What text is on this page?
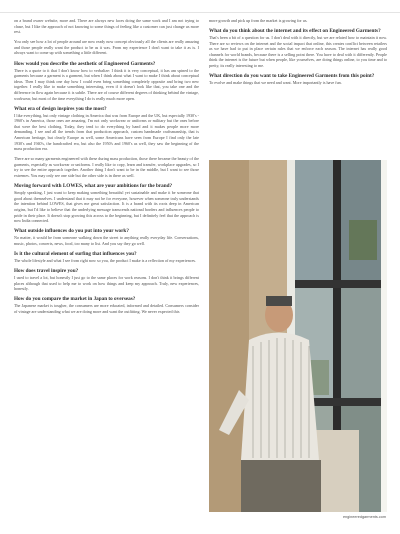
on a brand owner website, more and. There are always new faces doing the same work and I am not trying to chase, but I like the approach of not knowing to some things of feeling like a customer can just change us more rest.

You only see how a lot of people around are now ready now concept obviously all the clients are really amazing and those people really want the product to be as it was. From my experience I don't want to take it as is. I always want to come up with something a little different.

How would you describe the aesthetic of Engineered Garments?

There is a quote to it that I don't know how to verbalize: I think it is very conceptual, it has am spined to the garments because a garment is a garment, but when I think about what I want to make I think about conceptual ideas. Then I may think one day how I could even bring something completely opposite and bring two new together. I really like to make something interesting, even if it doesn't look like that, you take one and the difference in flow again because it is subtle. There are of course different degrees of thinking behind the vintage, workwear, but most of the time everything I do is really much more open.

What era of design inspires you the most?

I like everything, but only vintage clothing in America that was from Europe and the UK, but especially 1930's - 1960's in America, those ones are amazing. I'm not only workwear or uniforms or military but the ones before that were the best clothing. Today, they tend to do everything by hand and it makes people more more demanding. I see and all the trends from that production approach, custom handmade craftsmanship, that is American heritage, but clearly Europe as well, some Americans have seen from Europe I find only the late 1930's and 1940's, the handcrafted era, but also the 1950's and 1960's as well, they saw the beginning of the mass production era.

There are so many garments engineered with these during mass production, those there became the beauty of the garments, especially as workwear or uniforms. I really like to copy, learn and transfer, workplace upgrades, so I try to see the entire approach together. Another thing I don't want to be in the middle, but I want to see those extremes. You may only see one side but the other side is in there as well.

Moving forward with LOWES, what are your ambitions for the brand?

Simply speaking, I just want to keep making something beautiful yet sustainable and make it be someone that good about themselves. I understand that it may not be for everyone, however when someone truly understands the intention behind LOWES, that gives me great satisfaction. It is a brand with its roots deep in American origins, but I'd like to believe that the underlying message transcends national borders and influences people to pride in their place. It doesn't stop growing this across to the beginning, but I definitely feel that the approach is now India connected.

What outside influences do you put into your work?

No matter, it would be from someone walking down the street to anything really everyday life. Conversations, music, photos, concerts, news, food, too many to list. And you say they go well.

Is it the cultural element of surfing that influences you?

The whole lifestyle and what I see from right now so you, the product I make is a reflection of my experiences.

How does travel inspire you?

I used to travel a lot, but honestly I just go to the same places for work reasons. I don't think it brings different places although that used to help me to work on how things and keep my approach. Truly, new experiences, honestly.

How do you compare the market in Japan to overseas?

The Japanese market is tougher, the consumers are more educated, informed and detailed. Consumers consider of vintage are understanding what we are doing more and want the outfitting. We never expected this

more growth and pick up from the market is growing for us.

What do you think about the internet and its effect on Engineered Garments?

That's been a bit of a question for us. I don't deal with it directly, but we are related how to maintain it now. There are so reviews on the internet and the social impact that online, this creates conflict between retailers as we have had to put in place certain rules that we enforce each season. The internet has really good channels for world brands, because there is a selling point there. You have to deal with it differently. People think the internet is the future but when people, like yourselves, are doing things online, to you time and to pretty, its really interesting to me.

What direction do you want to take Engineered Garments from this point?

To evolve and make things that we need and want. More importantly is have fun.

engineeredgarments.com
